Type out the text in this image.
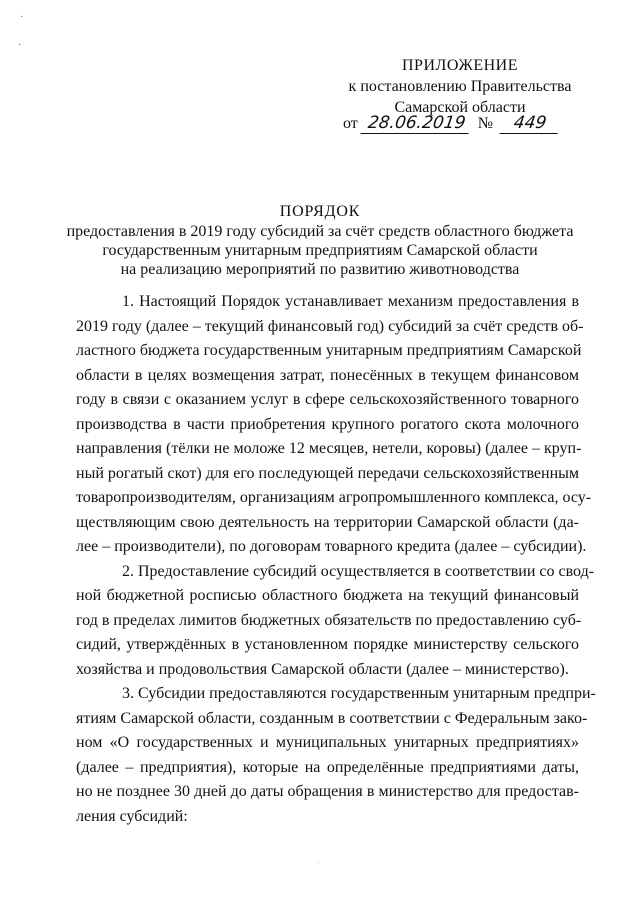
·
·
ПРИЛОЖЕНИЕ
к постановлению Правительства
Самарской области
от 28.06.2019 № 449
ПОРЯДОК
предоставления в 2019 году субсидий за счёт средств областного бюджета
государственным унитарным предприятиям Самарской области
на реализацию мероприятий по развитию животноводства

1. Настоящий Порядок устанавливает механизм предоставления в
2019 году (далее – текущий финансовый год) субсидий за счёт средств об-
ластного бюджета государственным унитарным предприятиям Самарской
области в целях возмещения затрат, понесённых в текущем финансовом
году в связи с оказанием услуг в сфере сельскохозяйственного товарного
производства в части приобретения крупного рогатого скота молочного
направления (тёлки не моложе 12 месяцев, нетели, коровы) (далее – круп-
ный рогатый скот) для его последующей передачи сельскохозяйственным
товаропроизводителям, организациям агропромышленного комплекса, осу-
ществляющим свою деятельность на территории Самарской области (да-
лее – производители), по договорам товарного кредита (далее – субсидии).

2. Предоставление субсидий осуществляется в соответствии со свод-
ной бюджетной росписью областного бюджета на текущий финансовый
год в пределах лимитов бюджетных обязательств по предоставлению суб-
сидий, утверждённых в установленном порядке министерству сельского
хозяйства и продовольствия Самарской области (далее – министерство).

3. Субсидии предоставляются государственным унитарным предпри-
ятиям Самарской области, созданным в соответствии с Федеральным зако-
ном «О государственных и муниципальных унитарных предприятиях»
(далее – предприятия), которые на определённые предприятиями даты,
но не позднее 30 дней до даты обращения в министерство для предостав-
ления субсидий:
